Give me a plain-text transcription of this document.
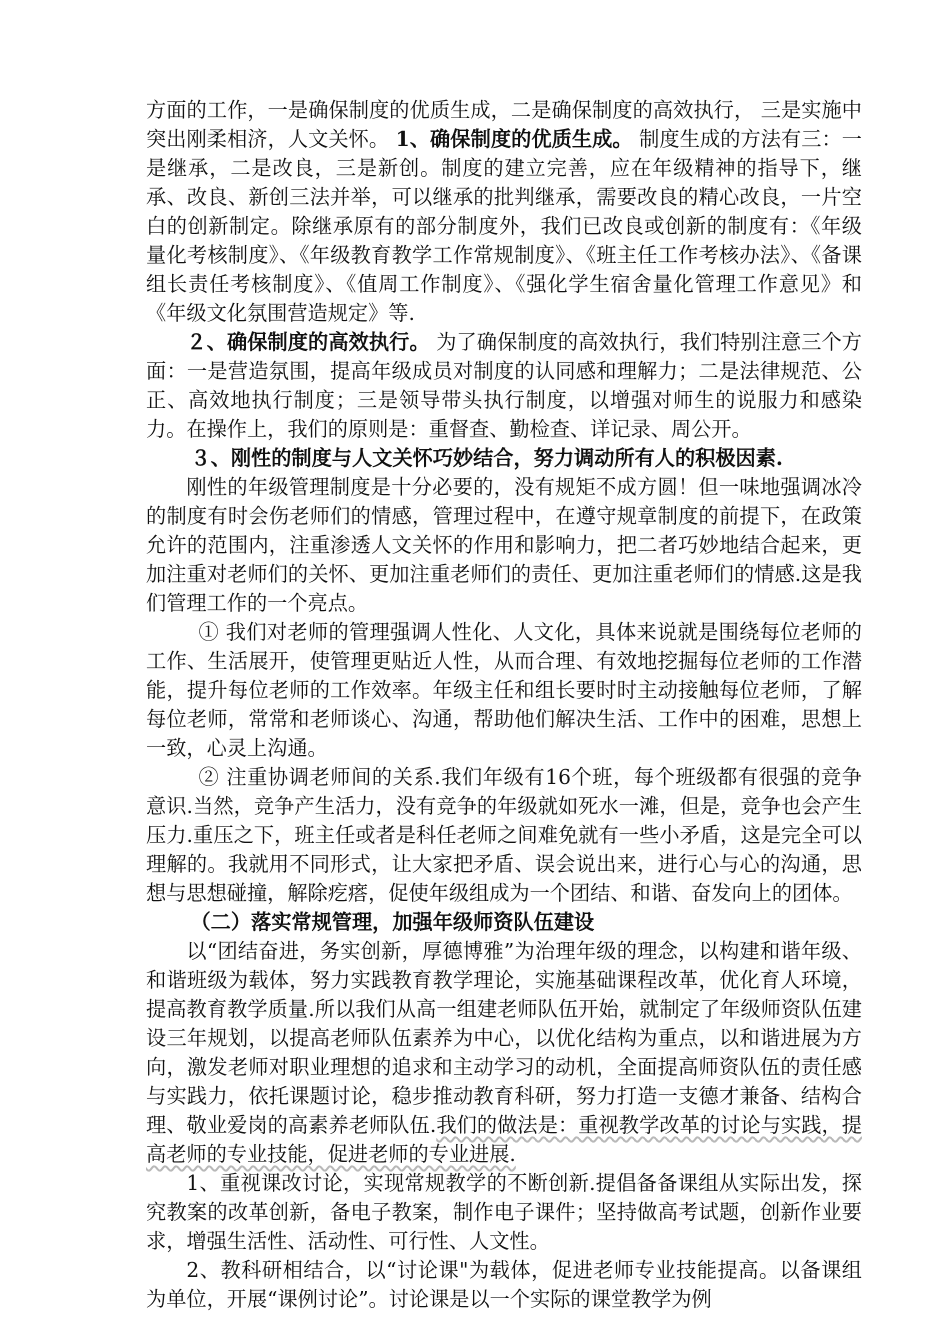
方面的工作，一是确保制度的优质生成，二是确保制度的高效执行， 三是实施中突出刚柔相济，人文关怀。 1、确保制度的优质生成。 制度生成的方法有三：一是继承，二是改良，三是新创。制度的建立完善，应在年级精神的指导下，继承、改良、新创三法并举，可以继承的批判继承，需要改良的精心改良，一片空白的创新制定。除继承原有的部分制度外，我们已改良或创新的制度有：《年级量化考核制度》、《年级教育教学工作常规制度》、《班主任工作考核办法》、《备课组长责任考核制度》、《值周工作制度》、《强化学生宿舍量化管理工作意见》和《年级文化氛围营造规定》等.

２、确保制度的高效执行。 为了确保制度的高效执行，我们特别注意三个方面：一是营造氛围，提高年级成员对制度的认同感和理解力；二是法律规范、公正、高效地执行制度；三是领导带头执行制度，以增强对师生的说服力和感染力。在操作上，我们的原则是：重督查、勤检查、详记录、周公开。

３、刚性的制度与人文关怀巧妙结合，努力调动所有人的积极因素.

刚性的年级管理制度是十分必要的，没有规矩不成方圆！但一味地强调冰冷的制度有时会伤老师们的情感，管理过程中，在遵守规章制度的前提下，在政策允许的范围内，注重渗透人文关怀的作用和影响力，把二者巧妙地结合起来，更加注重对老师们的关怀、更加注重老师们的责任、更加注重老师们的情感.这是我们管理工作的一个亮点。

① 我们对老师的管理强调人性化、人文化，具体来说就是围绕每位老师的工作、生活展开，使管理更贴近人性，从而合理、有效地挖掘每位老师的工作潜能，提升每位老师的工作效率。年级主任和组长要时时主动接触每位老师，了解每位老师，常常和老师谈心、沟通，帮助他们解决生活、工作中的困难，思想上一致，心灵上沟通。

② 注重协调老师间的关系.我们年级有16个班，每个班级都有很强的竞争意识.当然，竞争产生活力，没有竞争的年级就如死水一滩，但是，竞争也会产生压力.重压之下，班主任或者是科任老师之间难免就有一些小矛盾，这是完全可以理解的。我就用不同形式，让大家把矛盾、误会说出来，进行心与心的沟通，思想与思想碰撞，解除疙瘩，促使年级组成为一个团结、和谐、奋发向上的团体。

（二）落实常规管理，加强年级师资队伍建设

以“团结奋进，务实创新，厚德博雅”为治理年级的理念，以构建和谐年级、和谐班级为载体，努力实践教育教学理论，实施基础课程改革，优化育人环境，提高教育教学质量.所以我们从高一组建老师队伍开始，就制定了年级师资队伍建设三年规划，以提高老师队伍素养为中心，以优化结构为重点，以和谐进展为方向，激发老师对职业理想的追求和主动学习的动机，全面提高师资队伍的责任感与实践力，依托课题讨论，稳步推动教育科研，努力打造一支德才兼备、结构合理、敬业爱岗的高素养老师队伍.我们的做法是：重视教学改革的讨论与实践，提高老师的专业技能，促进老师的专业进展.

1、重视课改讨论，实现常规教学的不断创新.提倡备备课组从实际出发，探究教案的改革创新，备电子教案，制作电子课件；坚持做高考试题，创新作业要求，增强生活性、活动性、可行性、人文性。

2、教科研相结合，以“讨论课"为载体，促进老师专业技能提高。以备课组为单位，开展“课例讨论”。讨论课是以一个实际的课堂教学为例
